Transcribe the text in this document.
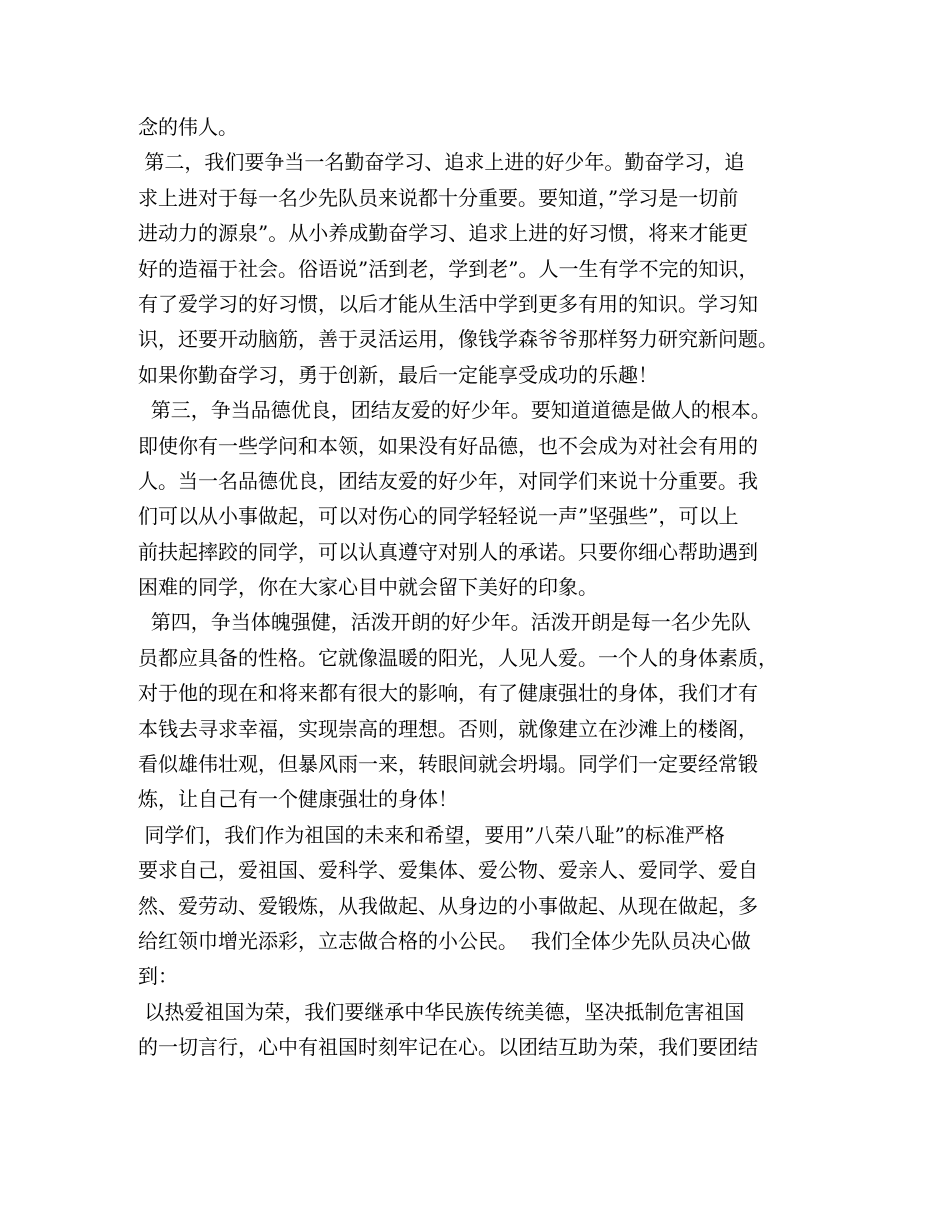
念的伟人。
第二，我们要争当一名勤奋学习、追求上进的好少年。勤奋学习，追
求上进对于每一名少先队员来说都十分重要。要知道，”学习是一切前
进动力的源泉”。从小养成勤奋学习、追求上进的好习惯，将来才能更
好的造福于社会。俗语说”活到老，学到老”。人一生有学不完的知识，
有了爱学习的好习惯，以后才能从生活中学到更多有用的知识。学习知
识，还要开动脑筋，善于灵活运用，像钱学森爷爷那样努力研究新问题。
如果你勤奋学习，勇于创新，最后一定能享受成功的乐趣！
第三，争当品德优良，团结友爱的好少年。要知道道德是做人的根本。
即使你有一些学问和本领，如果没有好品德，也不会成为对社会有用的
人。当一名品德优良，团结友爱的好少年，对同学们来说十分重要。我
们可以从小事做起，可以对伤心的同学轻轻说一声”坚强些”，可以上
前扶起摔跤的同学，可以认真遵守对别人的承诺。只要你细心帮助遇到
困难的同学，你在大家心目中就会留下美好的印象。
第四，争当体魄强健，活泼开朗的好少年。活泼开朗是每一名少先队
员都应具备的性格。它就像温暖的阳光，人见人爱。一个人的身体素质，
对于他的现在和将来都有很大的影响，有了健康强壮的身体，我们才有
本钱去寻求幸福，实现崇高的理想。否则，就像建立在沙滩上的楼阁，
看似雄伟壮观，但暴风雨一来，转眼间就会坍塌。同学们一定要经常锻
炼，让自己有一个健康强壮的身体！
同学们，我们作为祖国的未来和希望，要用”八荣八耻”的标准严格
要求自己，爱祖国、爱科学、爱集体、爱公物、爱亲人、爱同学、爱自
然、爱劳动、爱锻炼，从我做起、从身边的小事做起、从现在做起，多
给红领巾增光添彩，立志做合格的小公民。  我们全体少先队员决心做
到：
以热爱祖国为荣，我们要继承中华民族传统美德，坚决抵制危害祖国
的一切言行，心中有祖国时刻牢记在心。以团结互助为荣，我们要团结
